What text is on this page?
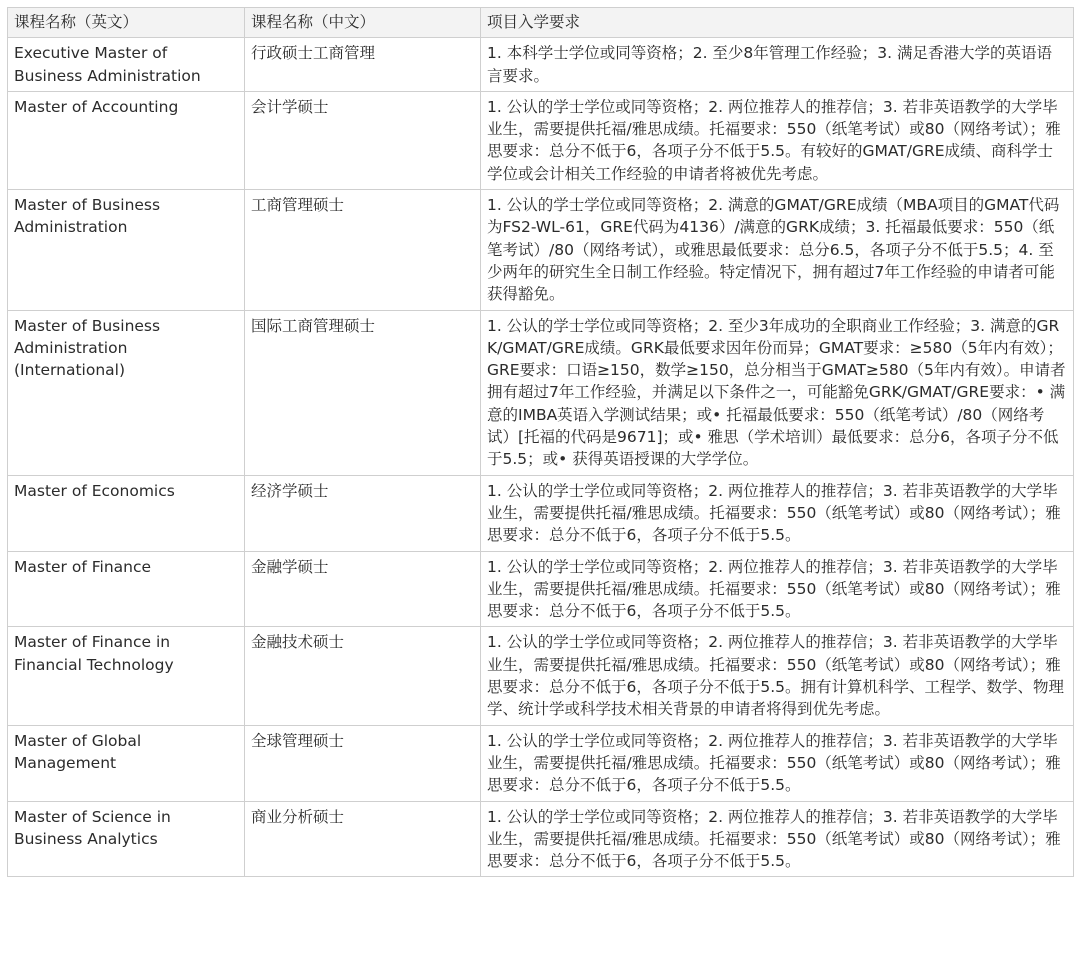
课程名称（英文）	课程名称（中文）	项目入学要求
Executive Master of Business Administration	行政硕士工商管理	1. 本科学士学位或同等资格；2. 至少8年管理工作经验；3. 满足香港大学的英语语言要求。
Master of Accounting	会计学硕士	1. 公认的学士学位或同等资格；2. 两位推荐人的推荐信；3. 若非英语教学的大学毕业生，需要提供托福/雅思成绩。托福要求：550（纸笔考试）或80（网络考试）；雅思要求：总分不低于6，各项子分不低于5.5。有较好的GMAT/GRE成绩、商科学士学位或会计相关工作经验的申请者将被优先考虑。
Master of Business Administration	工商管理硕士	1. 公认的学士学位或同等资格；2. 满意的GMAT/GRE成绩（MBA项目的GMAT代码为FS2-WL-61，GRE代码为4136）/满意的GRK成绩；3. 托福最低要求：550（纸笔考试）/80（网络考试），或雅思最低要求：总分6.5，各项子分不低于5.5；4. 至少两年的研究生全日制工作经验。特定情况下，拥有超过7年工作经验的申请者可能获得豁免。
Master of Business Administration (International)	国际工商管理硕士	1. 公认的学士学位或同等资格；2. 至少3年成功的全职商业工作经验；3. 满意的GRK/GMAT/GRE成绩。GRK最低要求因年份而异；GMAT要求：≥580（5年内有效）；GRE要求：口语≥150，数学≥150，总分相当于GMAT≥580（5年内有效）。申请者拥有超过7年工作经验，并满足以下条件之一，可能豁免GRK/GMAT/GRE要求：• 满意的IMBA英语入学测试结果；或• 托福最低要求：550（纸笔考试）/80（网络考试）[托福的代码是9671]；或• 雅思（学术培训）最低要求：总分6，各项子分不低于5.5；或• 获得英语授课的大学学位。
Master of Economics	经济学硕士	1. 公认的学士学位或同等资格；2. 两位推荐人的推荐信；3. 若非英语教学的大学毕业生，需要提供托福/雅思成绩。托福要求：550（纸笔考试）或80（网络考试）；雅思要求：总分不低于6，各项子分不低于5.5。
Master of Finance	金融学硕士	1. 公认的学士学位或同等资格；2. 两位推荐人的推荐信；3. 若非英语教学的大学毕业生，需要提供托福/雅思成绩。托福要求：550（纸笔考试）或80（网络考试）；雅思要求：总分不低于6，各项子分不低于5.5。
Master of Finance in Financial Technology	金融技术硕士	1. 公认的学士学位或同等资格；2. 两位推荐人的推荐信；3. 若非英语教学的大学毕业生，需要提供托福/雅思成绩。托福要求：550（纸笔考试）或80（网络考试）；雅思要求：总分不低于6，各项子分不低于5.5。拥有计算机科学、工程学、数学、物理学、统计学或科学技术相关背景的申请者将得到优先考虑。
Master of Global Management	全球管理硕士	1. 公认的学士学位或同等资格；2. 两位推荐人的推荐信；3. 若非英语教学的大学毕业生，需要提供托福/雅思成绩。托福要求：550（纸笔考试）或80（网络考试）；雅思要求：总分不低于6，各项子分不低于5.5。
Master of Science in Business Analytics	商业分析硕士	1. 公认的学士学位或同等资格；2. 两位推荐人的推荐信；3. 若非英语教学的大学毕业生，需要提供托福/雅思成绩。托福要求：550（纸笔考试）或80（网络考试）；雅思要求：总分不低于6，各项子分不低于5.5。
